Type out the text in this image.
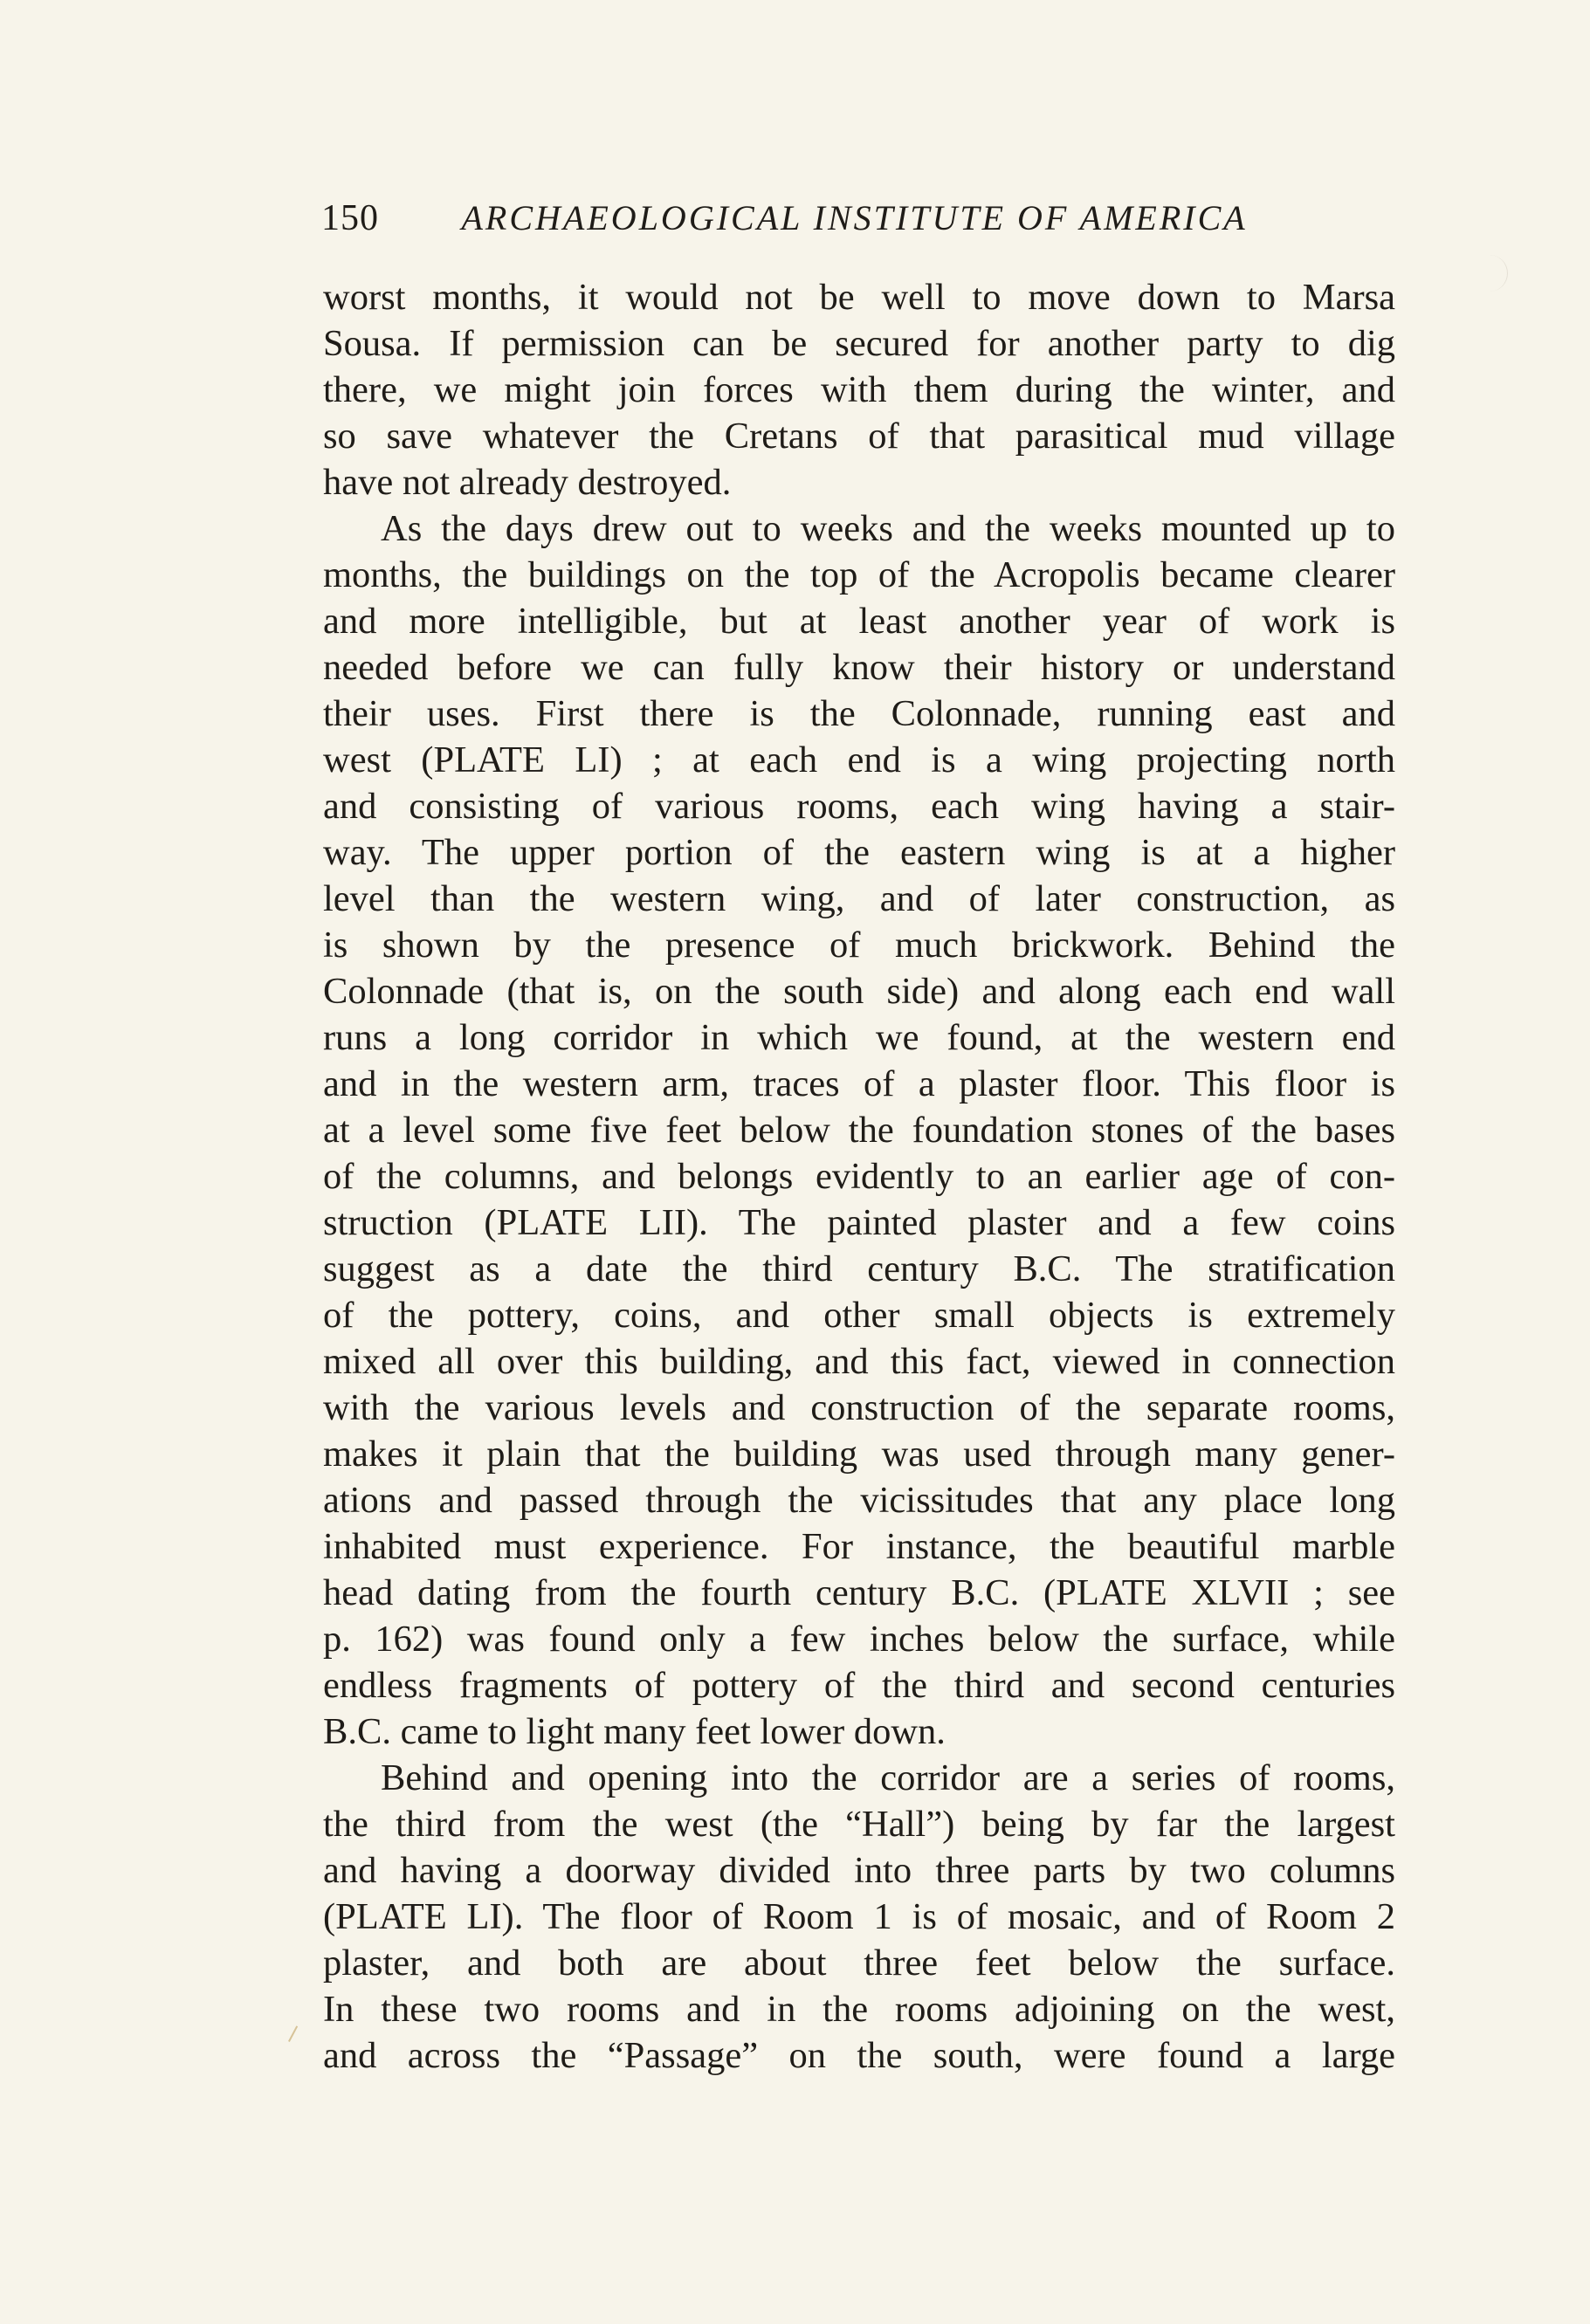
150 ARCHAEOLOGICAL INSTITUTE OF AMERICA
worst months, it would not be well to move down to Marsa
Sousa. If permission can be secured for another party to dig
there, we might join forces with them during the winter, and
so save whatever the Cretans of that parasitical mud village
have not already destroyed.
As the days drew out to weeks and the weeks mounted up to
months, the buildings on the top of the Acropolis became clearer
and more intelligible, but at least another year of work is
needed before we can fully know their history or understand
their uses. First there is the Colonnade, running east and
west (PLATE LI) ; at each end is a wing projecting north
and consisting of various rooms, each wing having a stair-
way. The upper portion of the eastern wing is at a higher
level than the western wing, and of later construction, as
is shown by the presence of much brickwork. Behind the
Colonnade (that is, on the south side) and along each end wall
runs a long corridor in which we found, at the western end
and in the western arm, traces of a plaster floor. This floor is
at a level some five feet below the foundation stones of the bases
of the columns, and belongs evidently to an earlier age of con-
struction (PLATE LII). The painted plaster and a few coins
suggest as a date the third century B.C. The stratification
of the pottery, coins, and other small objects is extremely
mixed all over this building, and this fact, viewed in connection
with the various levels and construction of the separate rooms,
makes it plain that the building was used through many gener-
ations and passed through the vicissitudes that any place long
inhabited must experience. For instance, the beautiful marble
head dating from the fourth century B.C. (PLATE XLVII ; see
p. 162) was found only a few inches below the surface, while
endless fragments of pottery of the third and second centuries
B.C. came to light many feet lower down.
Behind and opening into the corridor are a series of rooms,
the third from the west (the “Hall”) being by far the largest
and having a doorway divided into three parts by two columns
(PLATE LI). The floor of Room 1 is of mosaic, and of Room 2
plaster, and both are about three feet below the surface.
In these two rooms and in the rooms adjoining on the west,
and across the “Passage” on the south, were found a large
